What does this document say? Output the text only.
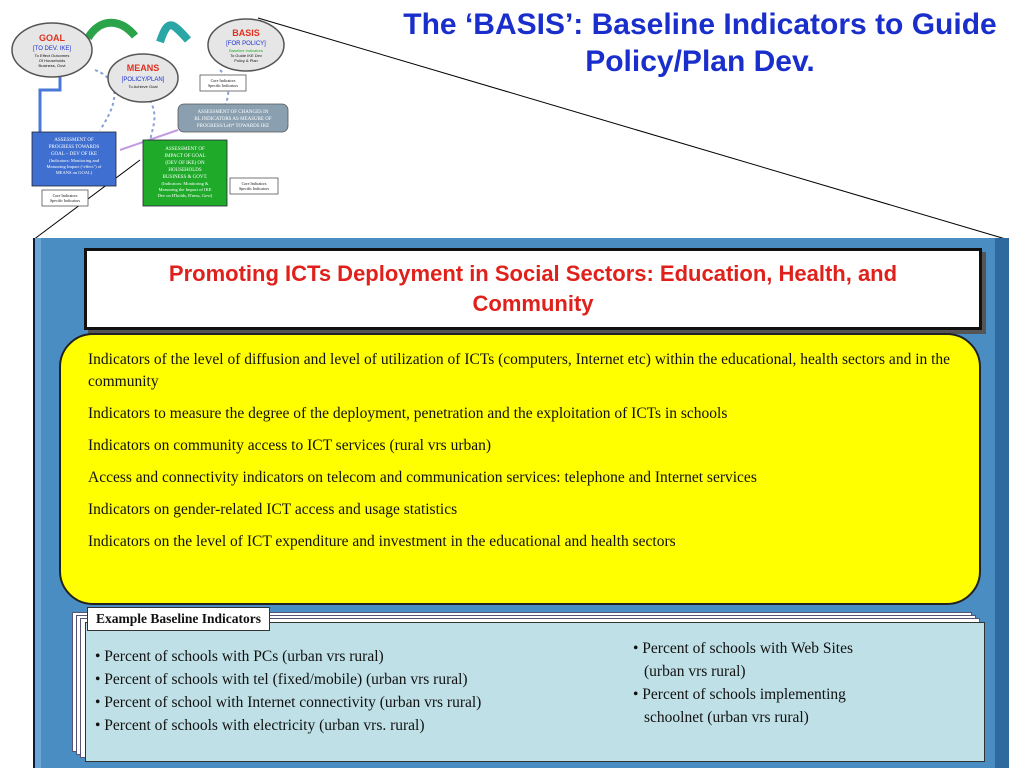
The ‘BASIS’: Baseline Indicators to Guide Policy/Plan Dev.
GOAL
[TO DEV. IKE]
To Effect Outcomes
Of Households
Business, Govt	MEANS
[POLICY/PLAN]
To Achieve Goal
BASIS
[FOR POLICY]
Baseline Indicators
To Guide IKE Dev
Policy & Plan
Core Indicators
Specific Indicators
ASSESSMENT OF CHANGES IN
BL INDICATORS AS MEASURE OF
PROGRESS/Left* TOWARDS IKE
ASSESSMENT OF
PROGRESS TOWARDS
GOAL – DEV OF IKE
(Indicators: Monitoring and
Measuring Impact (‘effect’) of
MEANS on GOAL)
Core Indicators
Specific Indicators
ASSESSMENT OF
IMPACT OF GOAL
(DEV OF IKE) ON
HOUSEHOLDS
BUSINESS & GOVT.
(Indicators: Monitoring &
Measuring the Impact of IKE
Dev on H'holds, B'ness, Govt)
Core Indicators
Specific Indicators
Promoting ICTs Deployment in Social Sectors: Education, Health, and Community

Indicators of the level of diffusion and level of utilization of ICTs (computers, Internet etc) within the educational, health sectors and in the community

Indicators to measure the degree of the deployment, penetration and the exploitation of ICTs in schools

Indicators on community access to ICT services (rural vrs urban)

Access and connectivity indicators on telecom and communication services: telephone and Internet services

Indicators on gender-related ICT access and usage statistics

Indicators on the level of ICT expenditure and investment in the educational and health sectors

Example Baseline Indicators
• Percent of schools with PCs (urban vrs rural)
• Percent of schools with tel (fixed/mobile) (urban vrs rural)
• Percent of school with Internet connectivity (urban vrs rural)
• Percent of schools with electricity (urban vrs. rural)
• Percent of schools with Web Sites
(urban vrs rural)
• Percent of schools implementing
schoolnet (urban vrs rural)
